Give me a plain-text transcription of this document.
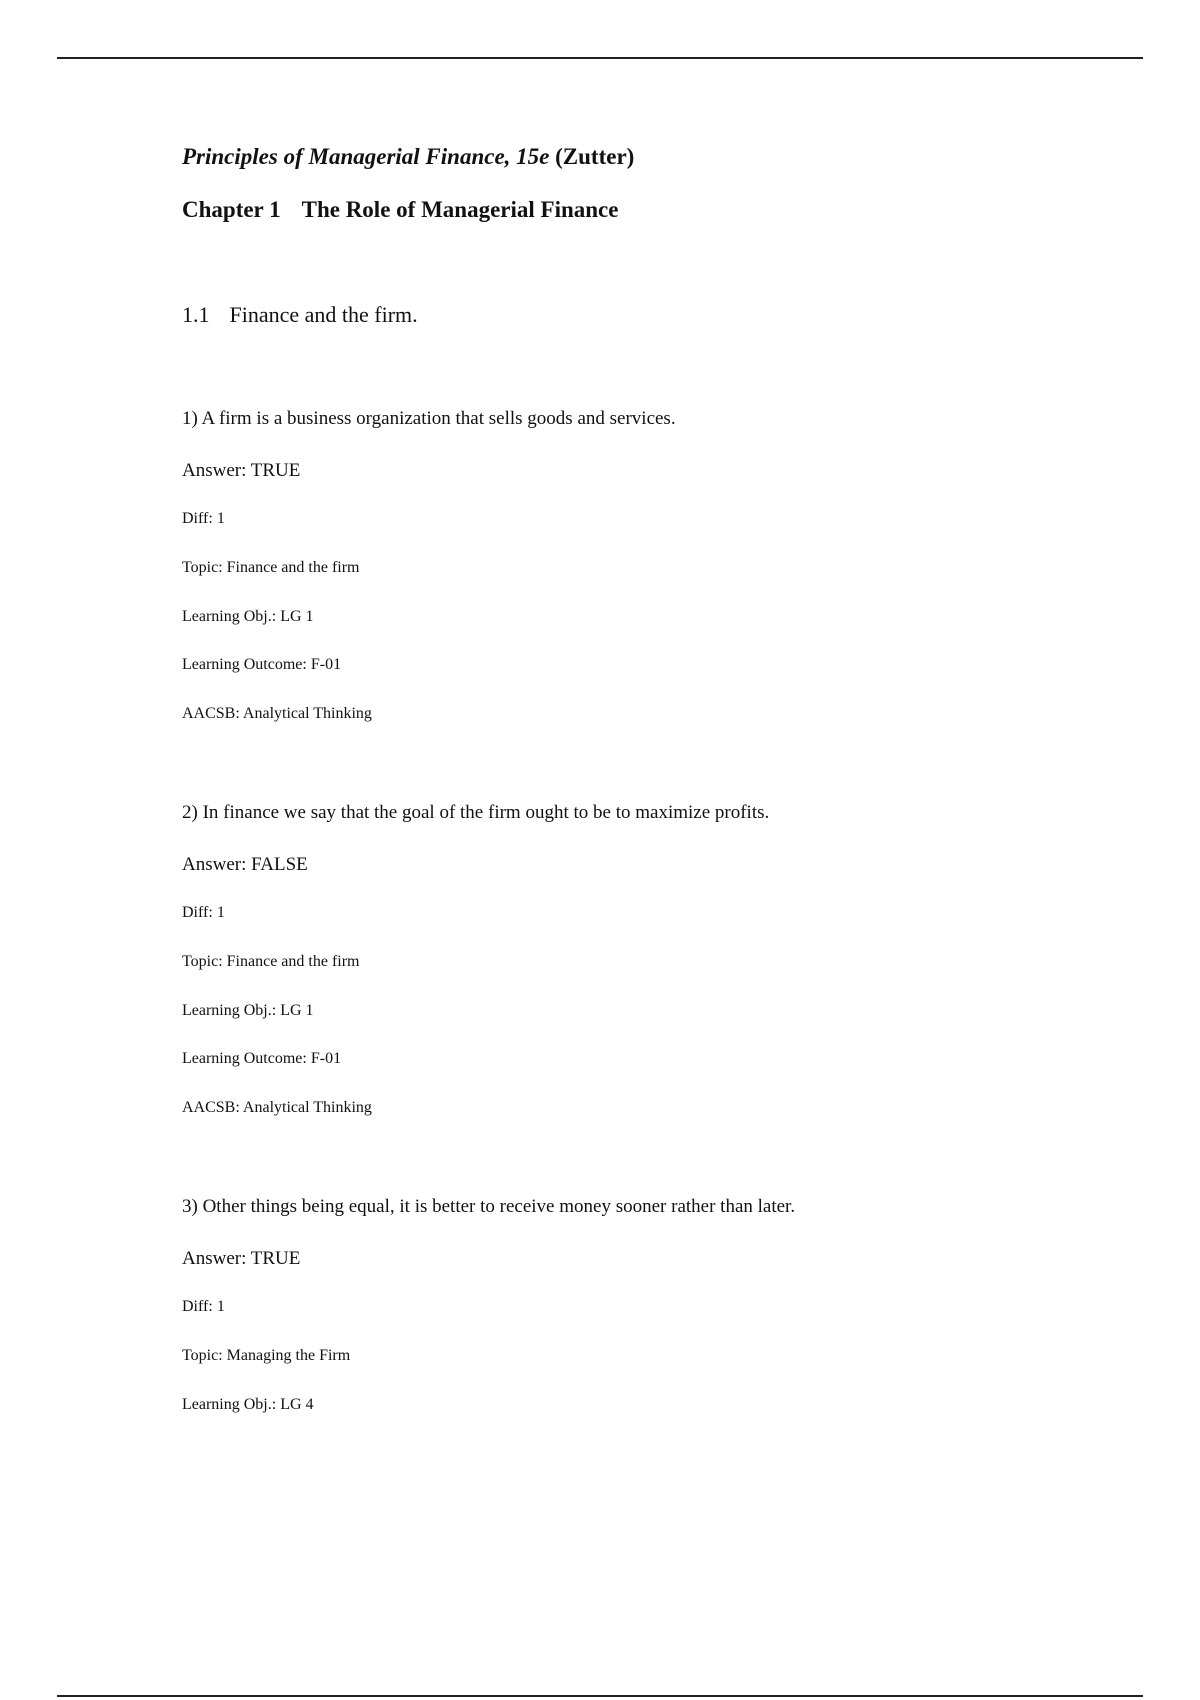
Principles of Managerial Finance, 15e (Zutter)
Chapter 1 The Role of Managerial Finance
1.1 Finance and the firm.
1) A firm is a business organization that sells goods and services.
Answer: TRUE
Diff: 1
Topic: Finance and the firm
Learning Obj.: LG 1
Learning Outcome: F-01
AACSB: Analytical Thinking
2) In finance we say that the goal of the firm ought to be to maximize profits.
Answer: FALSE
Diff: 1
Topic: Finance and the firm
Learning Obj.: LG 1
Learning Outcome: F-01
AACSB: Analytical Thinking
3) Other things being equal, it is better to receive money sooner rather than later.
Answer: TRUE
Diff: 1
Topic: Managing the Firm
Learning Obj.: LG 4
